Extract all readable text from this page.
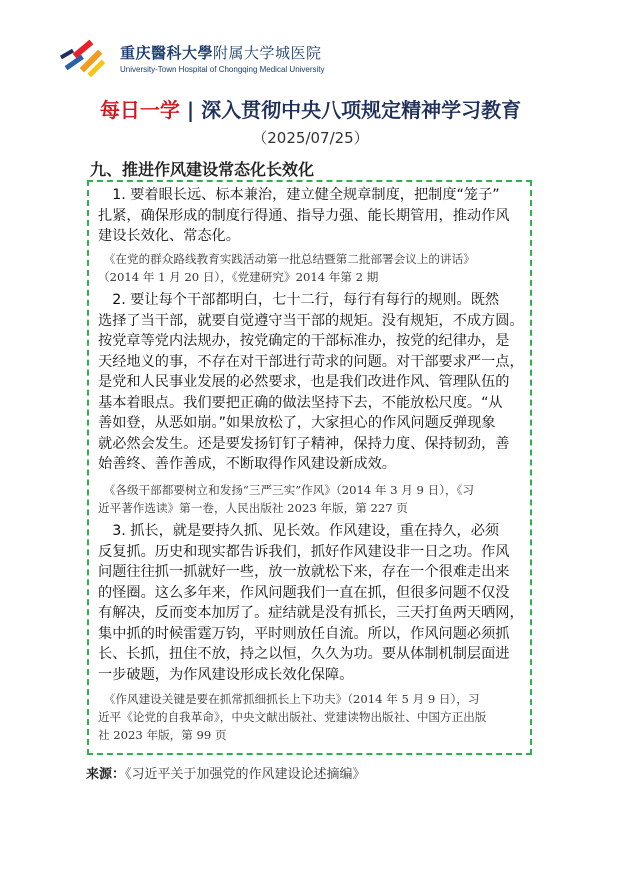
重庆醫科大學附属大学城医院
University-Town Hospital of Chongqing Medical University
每日一学 | 深入贯彻中央八项规定精神学习教育
（2025/07/25）
九、推进作风建设常态化长效化
　1. 要着眼长远、标本兼治，建立健全规章制度，把制度“笼子”
扎紧，确保形成的制度行得通、指导力强、能长期管用，推动作风
建设长效化、常态化。
　《在党的群众路线教育实践活动第一批总结暨第二批部署会议上的讲话》
（2014 年 1 月 20 日），《党建研究》2014 年第 2 期
　2. 要让每个干部都明白，七十二行，每行有每行的规则。既然
选择了当干部，就要自觉遵守当干部的规矩。没有规矩，不成方圆。
按党章等党内法规办，按党确定的干部标准办，按党的纪律办，是
天经地义的事，不存在对干部进行苛求的问题。对干部要求严一点，
是党和人民事业发展的必然要求，也是我们改进作风、管理队伍的
基本着眼点。我们要把正确的做法坚持下去，不能放松尺度。“从
善如登，从恶如崩。”如果放松了，大家担心的作风问题反弹现象
就必然会发生。还是要发扬钉钉子精神，保持力度、保持韧劲，善
始善终、善作善成，不断取得作风建设新成效。
　《各级干部都要树立和发扬“三严三实”作风》（2014 年 3 月 9 日），《习
近平著作选读》第一卷，人民出版社 2023 年版，第 227 页
　3. 抓长，就是要持久抓、见长效。作风建设，重在持久，必须
反复抓。历史和现实都告诉我们，抓好作风建设非一日之功。作风
问题往往抓一抓就好一些，放一放就松下来，存在一个很难走出来
的怪圈。这么多年来，作风问题我们一直在抓，但很多问题不仅没
有解决，反而变本加厉了。症结就是没有抓长，三天打鱼两天晒网，
集中抓的时候雷霆万钧，平时则放任自流。所以，作风问题必须抓
长、长抓，扭住不放，持之以恒，久久为功。要从体制机制层面进
一步破题，为作风建设形成长效化保障。
　《作风建设关键是要在抓常抓细抓长上下功夫》（2014 年 5 月 9 日），习
近平《论党的自我革命》，中央文献出版社、党建读物出版社、中国方正出版
社 2023 年版，第 99 页
来源：《习近平关于加强党的作风建设论述摘编》
